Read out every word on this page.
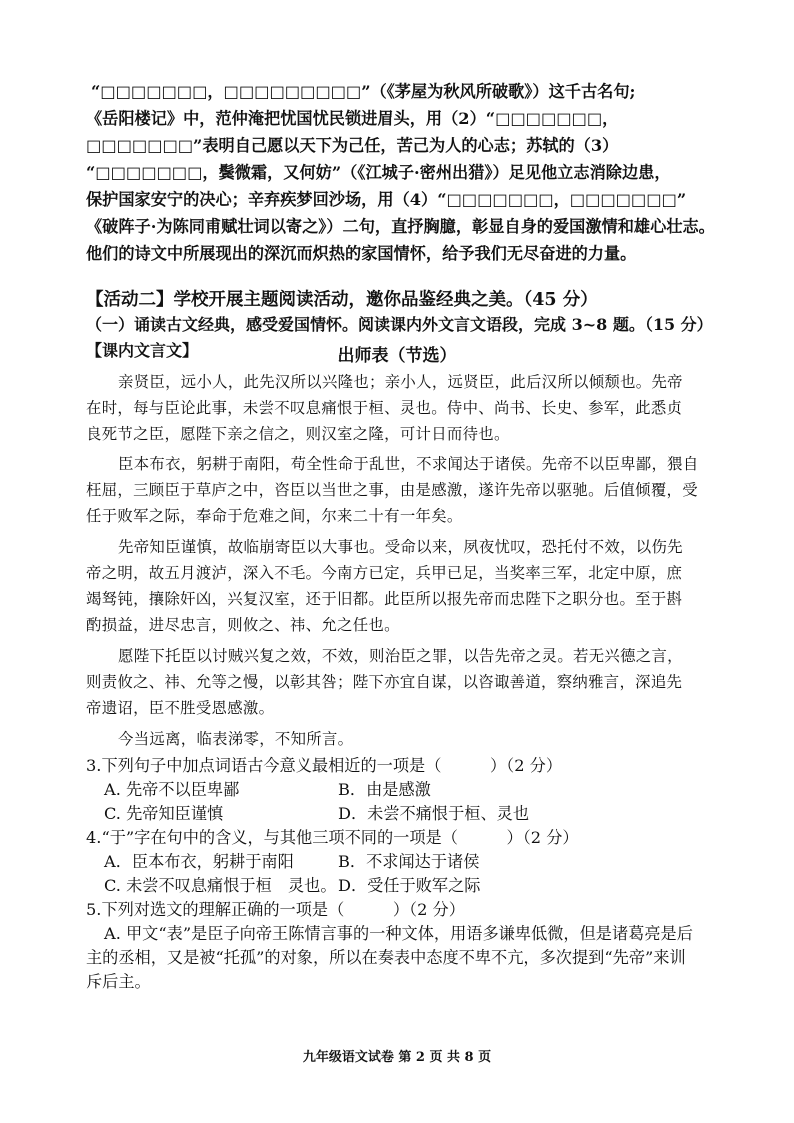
“□□□□□□□，□□□□□□□□□”（《茅屋为秋风所破歌》）这千古名句;
《岳阳楼记》中，范仲淹把忧国忧民锁进眉头，用（2）“□□□□□□□，
□□□□□□□”表明自己愿以天下为己任，苦己为人的心志；苏轼的（3）
“□□□□□□□，鬓微霜，又何妨”（《江城子·密州出猎》）足见他立志消除边患，
保护国家安宁的决心；辛弃疾梦回沙场，用（4）“□□□□□□□，□□□□□□□”
《破阵子·为陈同甫赋壮词以寄之》）二句，直抒胸臆，彰显自身的爱国激情和雄心壮志。
他们的诗文中所展现出的深沉而炽热的家国情怀，给予我们无尽奋进的力量。
【活动二】学校开展主题阅读活动，邀你品鉴经典之美。（45 分）
（一）诵读古文经典，感受爱国情怀。阅读课内外文言文语段，完成 3~8 题。（15 分）
【课内文言文】	出师表（节选）
亲贤臣，远小人，此先汉所以兴隆也；亲小人，远贤臣，此后汉所以倾颓也。先帝
在时，每与臣论此事，未尝不叹息痛恨于桓、灵也。侍中、尚书、长史、参军，此悉贞
良死节之臣，愿陛下亲之信之，则汉室之隆，可计日而待也。
臣本布衣，躬耕于南阳，苟全性命于乱世，不求闻达于诸侯。先帝不以臣卑鄙，猥自
枉屈，三顾臣于草庐之中，咨臣以当世之事，由是感激，遂许先帝以驱驰。后值倾覆，受
任于败军之际，奉命于危难之间，尔来二十有一年矣。
先帝知臣谨慎，故临崩寄臣以大事也。受命以来，夙夜忧叹，恐托付不效，以伤先
帝之明，故五月渡泸，深入不毛。今南方已定，兵甲已足，当奖率三军，北定中原，庶
竭驽钝，攘除奸凶，兴复汉室，还于旧都。此臣所以报先帝而忠陛下之职分也。至于斟
酌损益，进尽忠言，则攸之、祎、允之任也。
愿陛下托臣以讨贼兴复之效，不效，则治臣之罪，以告先帝之灵。若无兴德之言，
则责攸之、祎、允等之慢，以彰其咎；陛下亦宜自谋，以咨诹善道，察纳雅言，深追先
帝遗诏，臣不胜受恩感激。
今当远离，临表涕零，不知所言。
3.下列句子中加点词语古今意义最相近的一项是（　　　）（2 分）
A. 先帝不以臣卑鄙	B．由是感激
C. 先帝知臣谨慎	D．未尝不痛恨于桓、灵也
4.“于”字在句中的含义，与其他三项不同的一项是（　　　）（2 分）
A．臣本布衣，躬耕于南阳	B．不求闻达于诸侯
C. 未尝不叹息痛恨于桓　灵也。 D．受任于败军之际
5.下列对选文的理解正确的一项是（　　　）（2 分）
A. 甲文“表”是臣子向帝王陈情言事的一种文体，用语多谦卑低微，但是诸葛亮是后
主的丞相，又是被“托孤”的对象，所以在奏表中态度不卑不亢，多次提到“先帝”来训
斥后主。
九年级语文试卷 第 2 页 共 8 页
